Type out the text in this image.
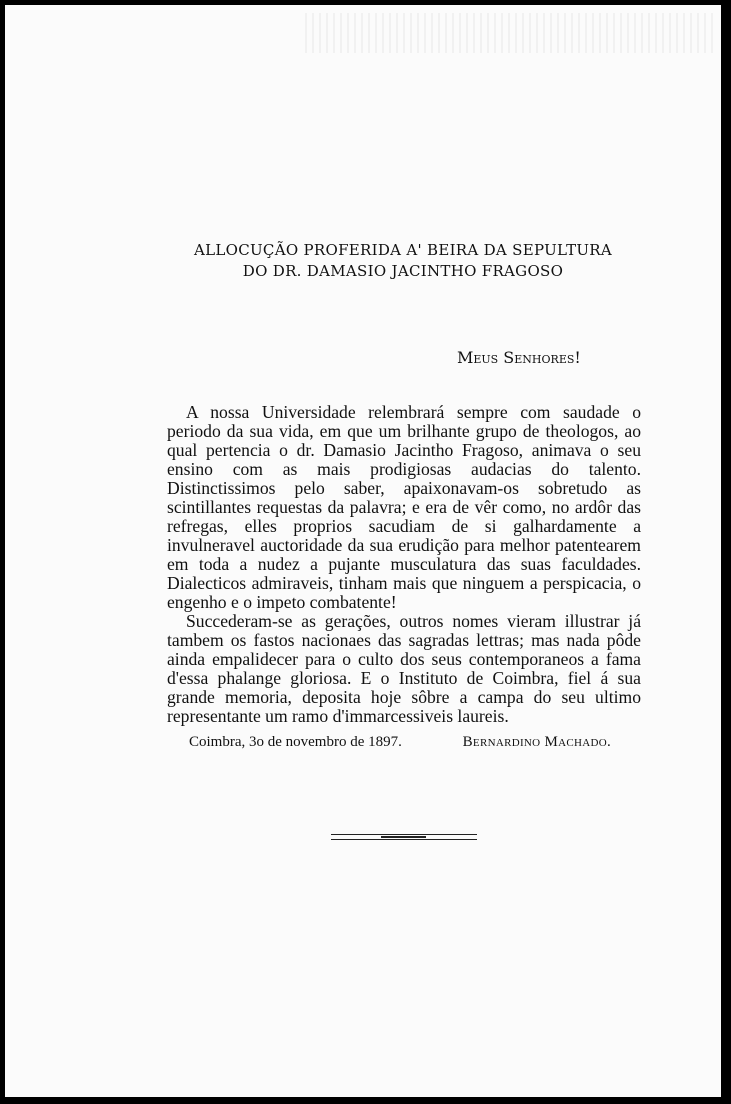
ALLOCUÇÃO PROFERIDA A' BEIRA DA SEPULTURA
DO DR. DAMASIO JACINTHO FRAGOSO
Meus Senhores!

A nossa Universidade relembrará sempre com saudade o periodo da sua vida, em que um brilhante grupo de theologos, ao qual pertencia o dr. Damasio Jacintho Fragoso, animava o seu ensino com as mais prodigiosas audacias do talento. Distinctissimos pelo saber, apaixonavam-os sobretudo as scintillantes requestas da palavra; e era de vêr como, no ardôr das refregas, elles proprios sacudiam de si galhardamente a invulneravel auctoridade da sua erudição para melhor patentearem em toda a nudez a pujante musculatura das suas faculdades. Dialecticos admiraveis, tinham mais que ninguem a perspicacia, o engenho e o impeto combatente!

Succederam-se as gerações, outros nomes vieram illustrar já tambem os fastos nacionaes das sagradas lettras; mas nada pôde ainda empalidecer para o culto dos seus contemporaneos a fama d'essa phalange gloriosa. E o Instituto de Coimbra, fiel á sua grande memoria, deposita hoje sôbre a campa do seu ultimo representante um ramo d'immarcessiveis laureis.

Coimbra, 3o de novembro de 1897.	Bernardino Machado.
